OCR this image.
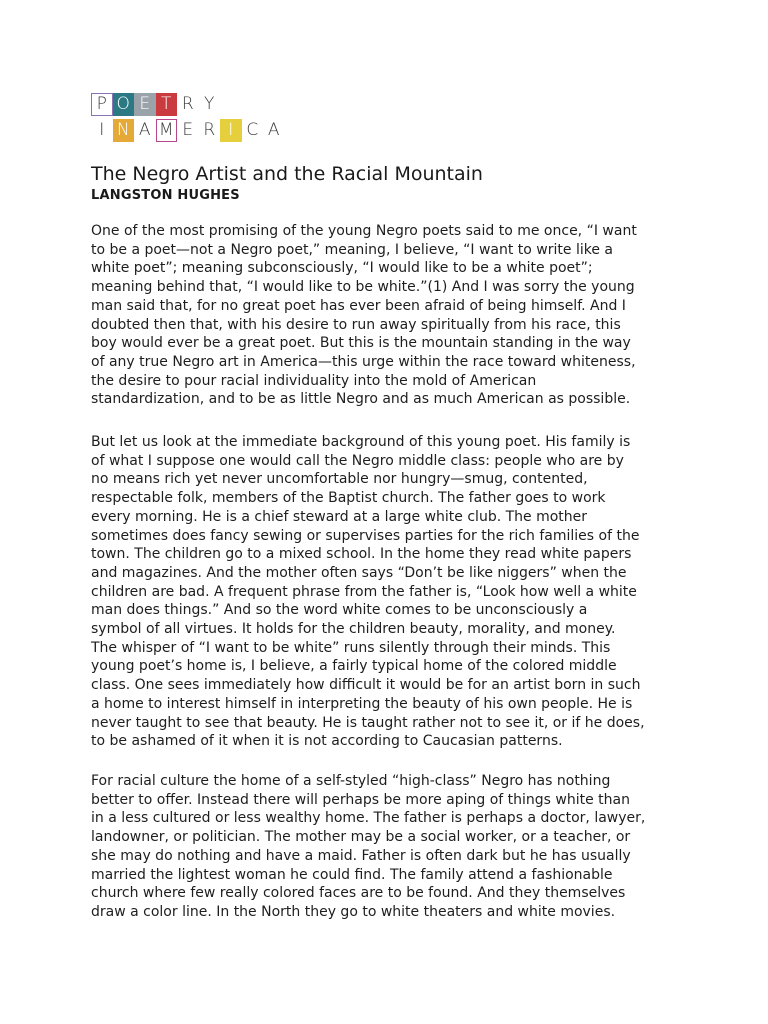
P O E T R Y
I N A M E R I C A
The Negro Artist and the Racial Mountain
LANGSTON HUGHES

One of the most promising of the young Negro poets said to me once, “I want
to be a poet—not a Negro poet,” meaning, I believe, “I want to write like a
white poet”; meaning subconsciously, “I would like to be a white poet”;
meaning behind that, “I would like to be white.”(1) And I was sorry the young
man said that, for no great poet has ever been afraid of being himself. And I
doubted then that, with his desire to run away spiritually from his race, this
boy would ever be a great poet. But this is the mountain standing in the way
of any true Negro art in America—this urge within the race toward whiteness,
the desire to pour racial individuality into the mold of American
standardization, and to be as little Negro and as much American as possible.

But let us look at the immediate background of this young poet. His family is
of what I suppose one would call the Negro middle class: people who are by
no means rich yet never uncomfortable nor hungry—smug, contented,
respectable folk, members of the Baptist church. The father goes to work
every morning. He is a chief steward at a large white club. The mother
sometimes does fancy sewing or supervises parties for the rich families of the
town. The children go to a mixed school. In the home they read white papers
and magazines. And the mother often says “Don’t be like niggers” when the
children are bad. A frequent phrase from the father is, “Look how well a white
man does things.” And so the word white comes to be unconsciously a
symbol of all virtues. It holds for the children beauty, morality, and money.
The whisper of “I want to be white” runs silently through their minds. This
young poet’s home is, I believe, a fairly typical home of the colored middle
class. One sees immediately how difficult it would be for an artist born in such
a home to interest himself in interpreting the beauty of his own people. He is
never taught to see that beauty. He is taught rather not to see it, or if he does,
to be ashamed of it when it is not according to Caucasian patterns.

For racial culture the home of a self-styled “high-class” Negro has nothing
better to offer. Instead there will perhaps be more aping of things white than
in a less cultured or less wealthy home. The father is perhaps a doctor, lawyer,
landowner, or politician. The mother may be a social worker, or a teacher, or
she may do nothing and have a maid. Father is often dark but he has usually
married the lightest woman he could find. The family attend a fashionable
church where few really colored faces are to be found. And they themselves
draw a color line. In the North they go to white theaters and white movies.
